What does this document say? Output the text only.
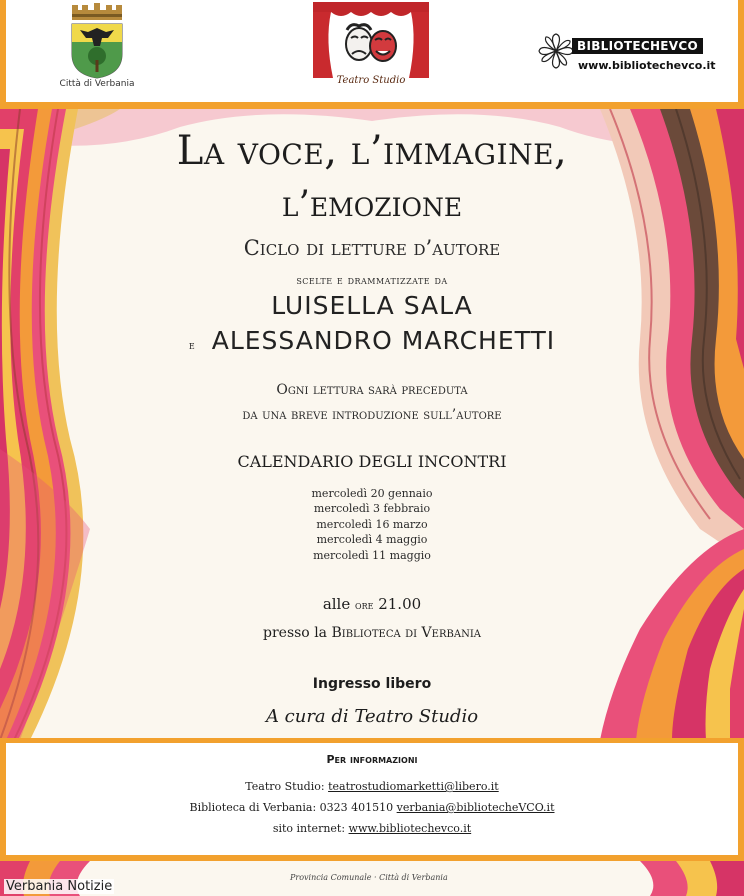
Città di Verbania	Teatro Studio
BIBLIOTECHEVCO
www.bibliotechevco.it
La voce, l’immagine,
l’emozione
Ciclo di letture d’autore
scelte e drammatizzate da
LUISELLA SALA
e ALESSANDRO MARCHETTI
Ogni lettura sarà preceduta
da una breve introduzione sull’autore
CALENDARIO DEGLI INCONTRI
mercoledì 20 gennaio
mercoledì 3 febbraio
mercoledì 16 marzo
mercoledì 4 maggio
mercoledì 11 maggio
alle ore 21.00
presso la Biblioteca di Verbania
Ingresso libero
A cura di Teatro Studio
Per informazioni
Teatro Studio: teatrostudiomarketti@libero.it
Biblioteca di Verbania: 0323 401510 verbania@bibliotecheVCO.it
sito internet: www.bibliotechevco.it
Provincia Comunale · Città di Verbania
Verbania Notizie
